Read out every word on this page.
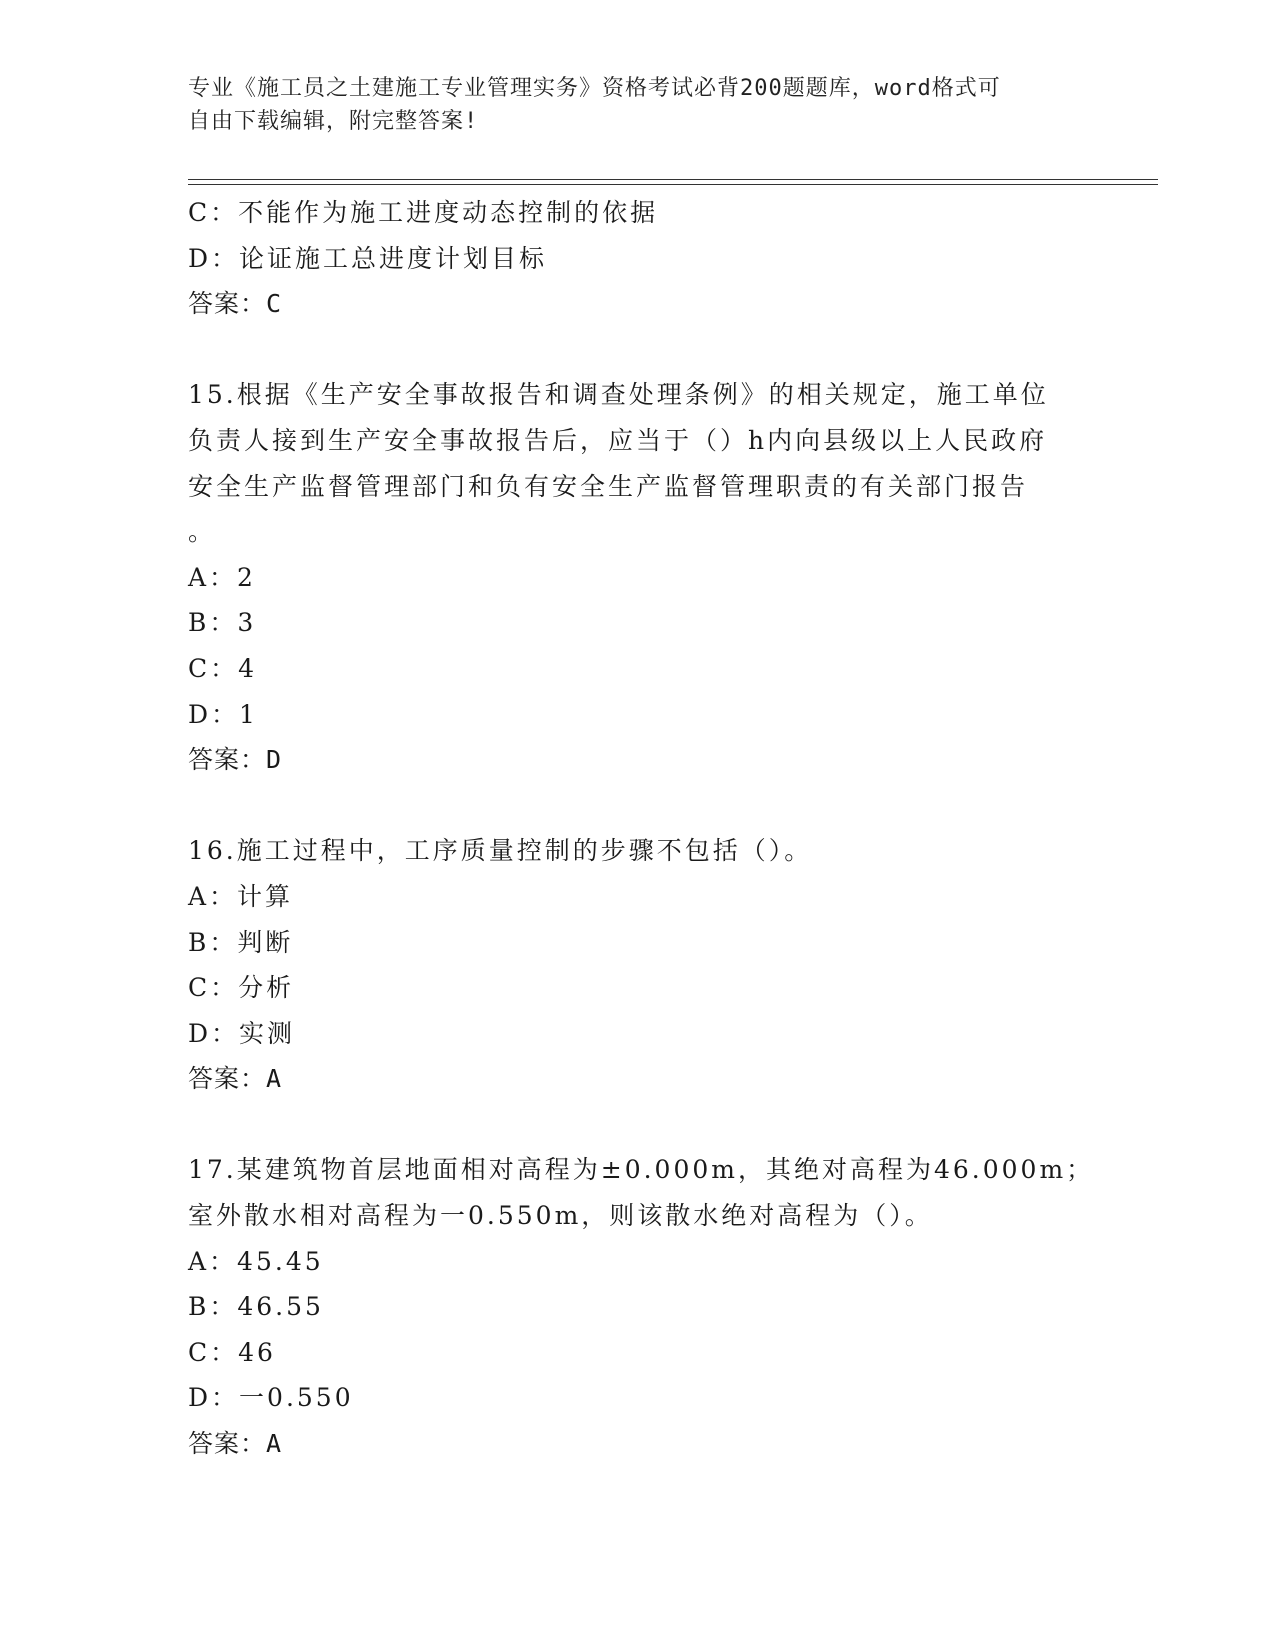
专业《施工员之土建施工专业管理实务》资格考试必背200题题库，word格式可
自由下载编辑，附完整答案!
C：不能作为施工进度动态控制的依据
D：论证施工总进度计划目标
答案：C
15.根据《生产安全事故报告和调查处理条例》的相关规定，施工单位
负责人接到生产安全事故报告后，应当于（）h内向县级以上人民政府
安全生产监督管理部门和负有安全生产监督管理职责的有关部门报告
。
A：2
B：3
C：4
D：1
答案：D
16.施工过程中，工序质量控制的步骤不包括（）。
A：计算
B：判断
C：分析
D：实测
答案：A
17.某建筑物首层地面相对高程为±0.000m，其绝对高程为46.000m；
室外散水相对高程为一0.550m，则该散水绝对高程为（）。
A：45.45
B：46.55
C：46
D：一0.550
答案：A
